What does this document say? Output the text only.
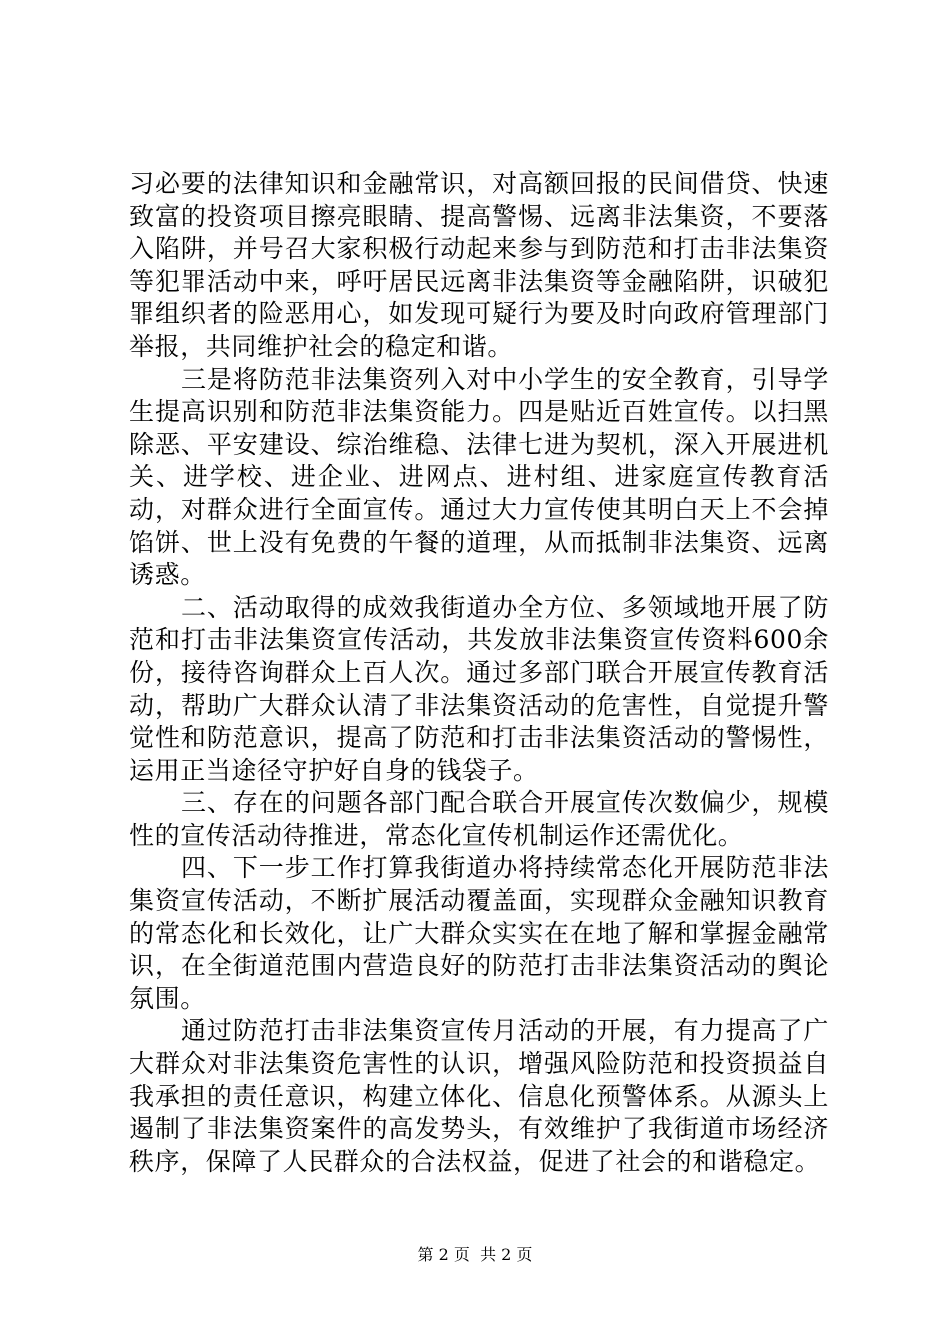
习必要的法律知识和金融常识，对高额回报的民间借贷、快速致富的投资项目擦亮眼睛、提高警惕、远离非法集资，不要落入陷阱，并号召大家积极行动起来参与到防范和打击非法集资等犯罪活动中来，呼吁居民远离非法集资等金融陷阱，识破犯罪组织者的险恶用心，如发现可疑行为要及时向政府管理部门举报，共同维护社会的稳定和谐。

三是将防范非法集资列入对中小学生的安全教育，引导学生提高识别和防范非法集资能力。四是贴近百姓宣传。以扫黑除恶、平安建设、综治维稳、法律七进为契机，深入开展进机关、进学校、进企业、进网点、进村组、进家庭宣传教育活动，对群众进行全面宣传。通过大力宣传使其明白天上不会掉馅饼、世上没有免费的午餐的道理，从而抵制非法集资、远离诱惑。

二、活动取得的成效我街道办全方位、多领域地开展了防范和打击非法集资宣传活动，共发放非法集资宣传资料600余份，接待咨询群众上百人次。通过多部门联合开展宣传教育活动，帮助广大群众认清了非法集资活动的危害性，自觉提升警觉性和防范意识，提高了防范和打击非法集资活动的警惕性，运用正当途径守护好自身的钱袋子。

三、存在的问题各部门配合联合开展宣传次数偏少，规模性的宣传活动待推进，常态化宣传机制运作还需优化。

四、下一步工作打算我街道办将持续常态化开展防范非法集资宣传活动，不断扩展活动覆盖面，实现群众金融知识教育的常态化和长效化，让广大群众实实在在地了解和掌握金融常识，在全街道范围内营造良好的防范打击非法集资活动的舆论氛围。

通过防范打击非法集资宣传月活动的开展，有力提高了广大群众对非法集资危害性的认识，增强风险防范和投资损益自我承担的责任意识，构建立体化、信息化预警体系。从源头上遏制了非法集资案件的高发势头，有效维护了我街道市场经济秩序，保障了人民群众的合法权益，促进了社会的和谐稳定。

第 2 页  共 2 页
